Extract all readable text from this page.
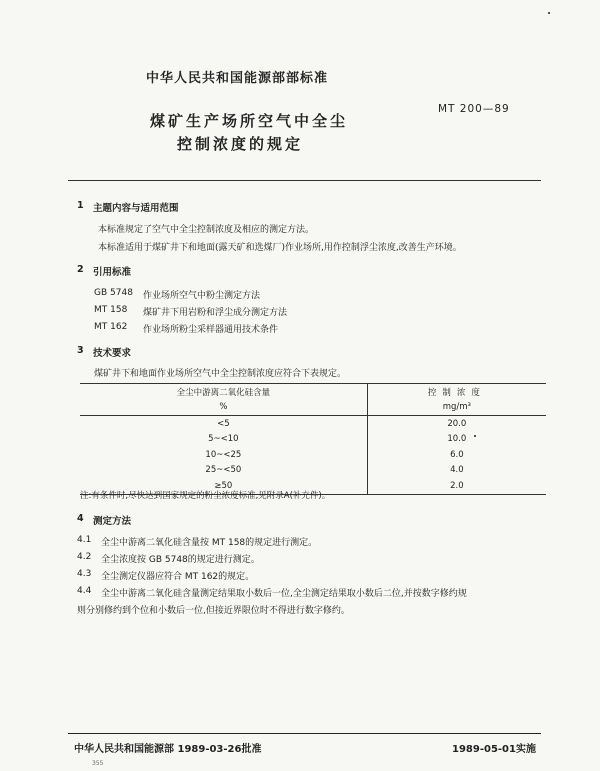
中华人民共和国能源部部标准
MT 200—89
煤矿生产场所空气中全尘
控制浓度的规定
1 主题内容与适用范围
本标准规定了空气中全尘控制浓度及相应的测定方法。
本标准适用于煤矿井下和地面(露天矿和选煤厂)作业场所,用作控制浮尘浓度,改善生产环境。
2 引用标准
GB 5748 作业场所空气中粉尘测定方法
MT 158 煤矿井下用岩粉和浮尘成分测定方法
MT 162 作业场所粉尘采样器通用技术条件
3 技术要求
煤矿井下和地面作业场所空气中全尘控制浓度应符合下表规定。
全尘中游离二氧化硅含量	控制浓度
%	mg/m³
<5	20.0
5~<10	10.0
10~<25	6.0
25~<50	4.0
≥50	2.0
注:有条件时,尽快达到国家规定的粉尘浓度标准,见附录A(补充件)。
4 测定方法
4.1 全尘中游离二氧化硅含量按 MT 158的规定进行测定。
4.2 全尘浓度按 GB 5748的规定进行测定。
4.3 全尘测定仪器应符合 MT 162的规定。
4.4 全尘中游离二氧化硅含量测定结果取小数后一位,全尘测定结果取小数后二位,并按数字修约规
则分别修约到个位和小数后一位,但接近界限位时不得进行数字修约。
中华人民共和国能源部 1989-03-26批准	1989-05-01实施
355
